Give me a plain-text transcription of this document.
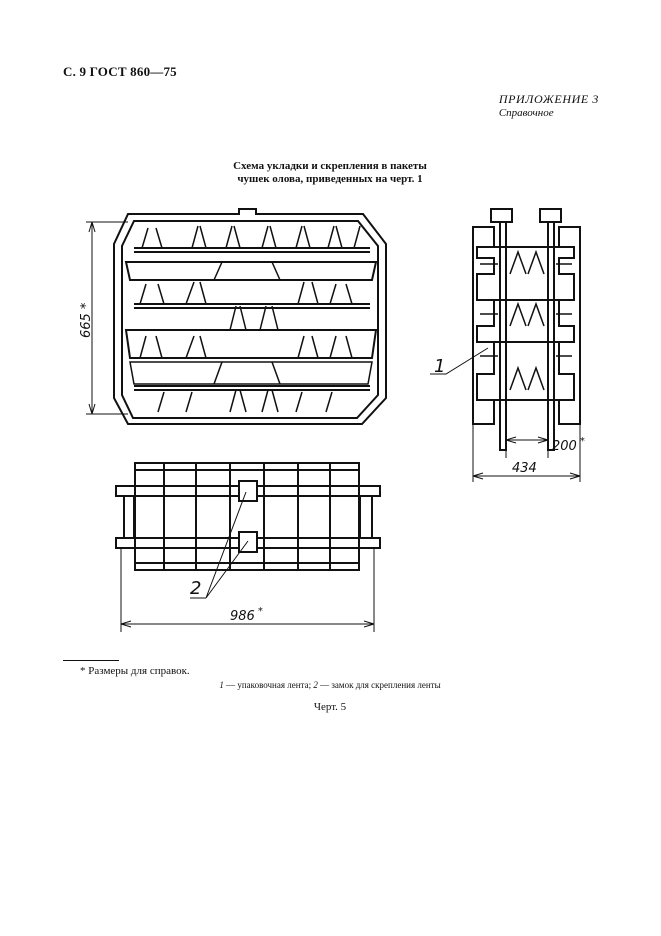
С. 9 ГОСТ 860—75
ПРИЛОЖЕНИЕ 3
Справочное
Схема укладки и скрепления в пакеты
чушек олова, приведенных на черт. 1
665*
200 *
434
986 *
1
2
* Размеры для справок.
1 — упаковочная лента; 2 — замок для скрепления ленты
Черт. 5
